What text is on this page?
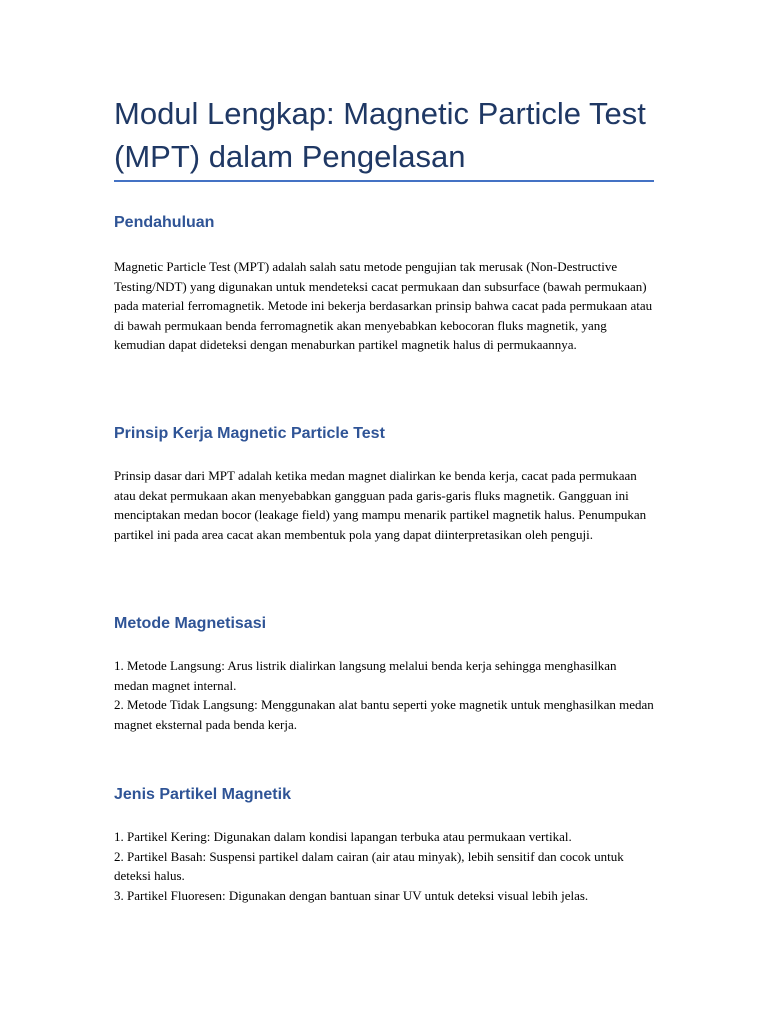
Modul Lengkap: Magnetic Particle Test (MPT) dalam Pengelasan
Pendahuluan

Magnetic Particle Test (MPT) adalah salah satu metode pengujian tak merusak (Non-Destructive Testing/NDT) yang digunakan untuk mendeteksi cacat permukaan dan subsurface (bawah permukaan) pada material ferromagnetik. Metode ini bekerja berdasarkan prinsip bahwa cacat pada permukaan atau di bawah permukaan benda ferromagnetik akan menyebabkan kebocoran fluks magnetik, yang kemudian dapat dideteksi dengan menaburkan partikel magnetik halus di permukaannya.

Prinsip Kerja Magnetic Particle Test

Prinsip dasar dari MPT adalah ketika medan magnet dialirkan ke benda kerja, cacat pada permukaan atau dekat permukaan akan menyebabkan gangguan pada garis-garis fluks magnetik. Gangguan ini menciptakan medan bocor (leakage field) yang mampu menarik partikel magnetik halus. Penumpukan partikel ini pada area cacat akan membentuk pola yang dapat diinterpretasikan oleh penguji.

Metode Magnetisasi
1. Metode Langsung: Arus listrik dialirkan langsung melalui benda kerja sehingga menghasilkan medan magnet internal.
2. Metode Tidak Langsung: Menggunakan alat bantu seperti yoke magnetik untuk menghasilkan medan magnet eksternal pada benda kerja.
Jenis Partikel Magnetik
1. Partikel Kering: Digunakan dalam kondisi lapangan terbuka atau permukaan vertikal.
2. Partikel Basah: Suspensi partikel dalam cairan (air atau minyak), lebih sensitif dan cocok untuk deteksi halus.
3. Partikel Fluoresen: Digunakan dengan bantuan sinar UV untuk deteksi visual lebih jelas.
